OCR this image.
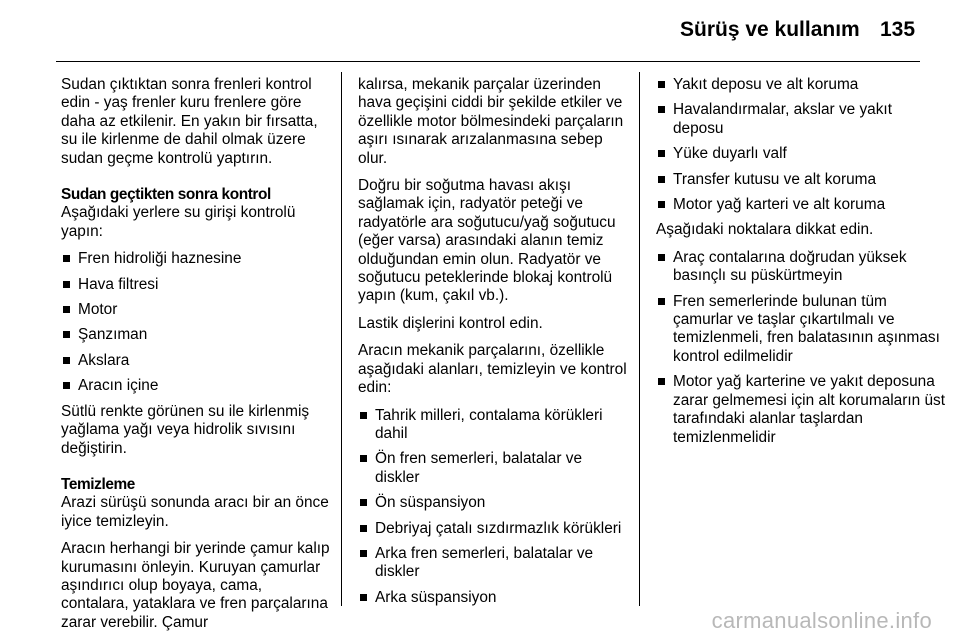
Sürüş ve kullanım 135

Sudan çıktıktan sonra frenleri kontrol edin - yaş frenler kuru frenlere göre daha az etkilenir. En yakın bir fırsatta, su ile kirlenme de dahil olmak üzere sudan geçme kontrolü yaptırın.

Sudan geçtikten sonra kontrol

Aşağıdaki yerlere su girişi kontrolü yapın:

Fren hidroliği haznesine
Hava filtresi
Motor
Şanzıman
Akslara
Aracın içine

Sütlü renkte görünen su ile kirlenmiş yağlama yağı veya hidrolik sıvısını değiştirin.

Temizleme

Arazi sürüşü sonunda aracı bir an önce iyice temizleyin.

Aracın herhangi bir yerinde çamur kalıp kurumasını önleyin. Kuruyan çamurlar aşındırıcı olup boyaya, cama, contalara, yataklara ve fren parçalarına zarar verebilir. Çamur

kalırsa, mekanik parçalar üzerinden hava geçişini ciddi bir şekilde etkiler ve özellikle motor bölmesindeki parçaların aşırı ısınarak arızalanmasına sebep olur.

Doğru bir soğutma havası akışı sağlamak için, radyatör peteği ve radyatörle ara soğutucu/yağ soğutucu (eğer varsa) arasındaki alanın temiz olduğundan emin olun. Radyatör ve soğutucu peteklerinde blokaj kontrolü yapın (kum, çakıl vb.).

Lastik dişlerini kontrol edin.

Aracın mekanik parçalarını, özellikle aşağıdaki alanları, temizleyin ve kontrol edin:

Tahrik milleri, contalama körükleri dahil
Ön fren semerleri, balatalar ve diskler
Ön süspansiyon
Debriyaj çatalı sızdırmazlık körükleri
Arka fren semerleri, balatalar ve diskler
Arka süspansiyon
Yakıt deposu ve alt koruma
Havalandırmalar, akslar ve yakıt deposu
Yüke duyarlı valf
Transfer kutusu ve alt koruma
Motor yağ karteri ve alt koruma

Aşağıdaki noktalara dikkat edin.

Araç contalarına doğrudan yüksek basınçlı su püskürtmeyin
Fren semerlerinde bulunan tüm çamurlar ve taşlar çıkartılmalı ve temizlenmeli, fren balatasının aşınması kontrol edilmelidir
Motor yağ karterine ve yakıt deposuna zarar gelmemesi için alt korumaların üst tarafındaki alanlar taşlardan temizlenmelidir
carmanualsonline.info
